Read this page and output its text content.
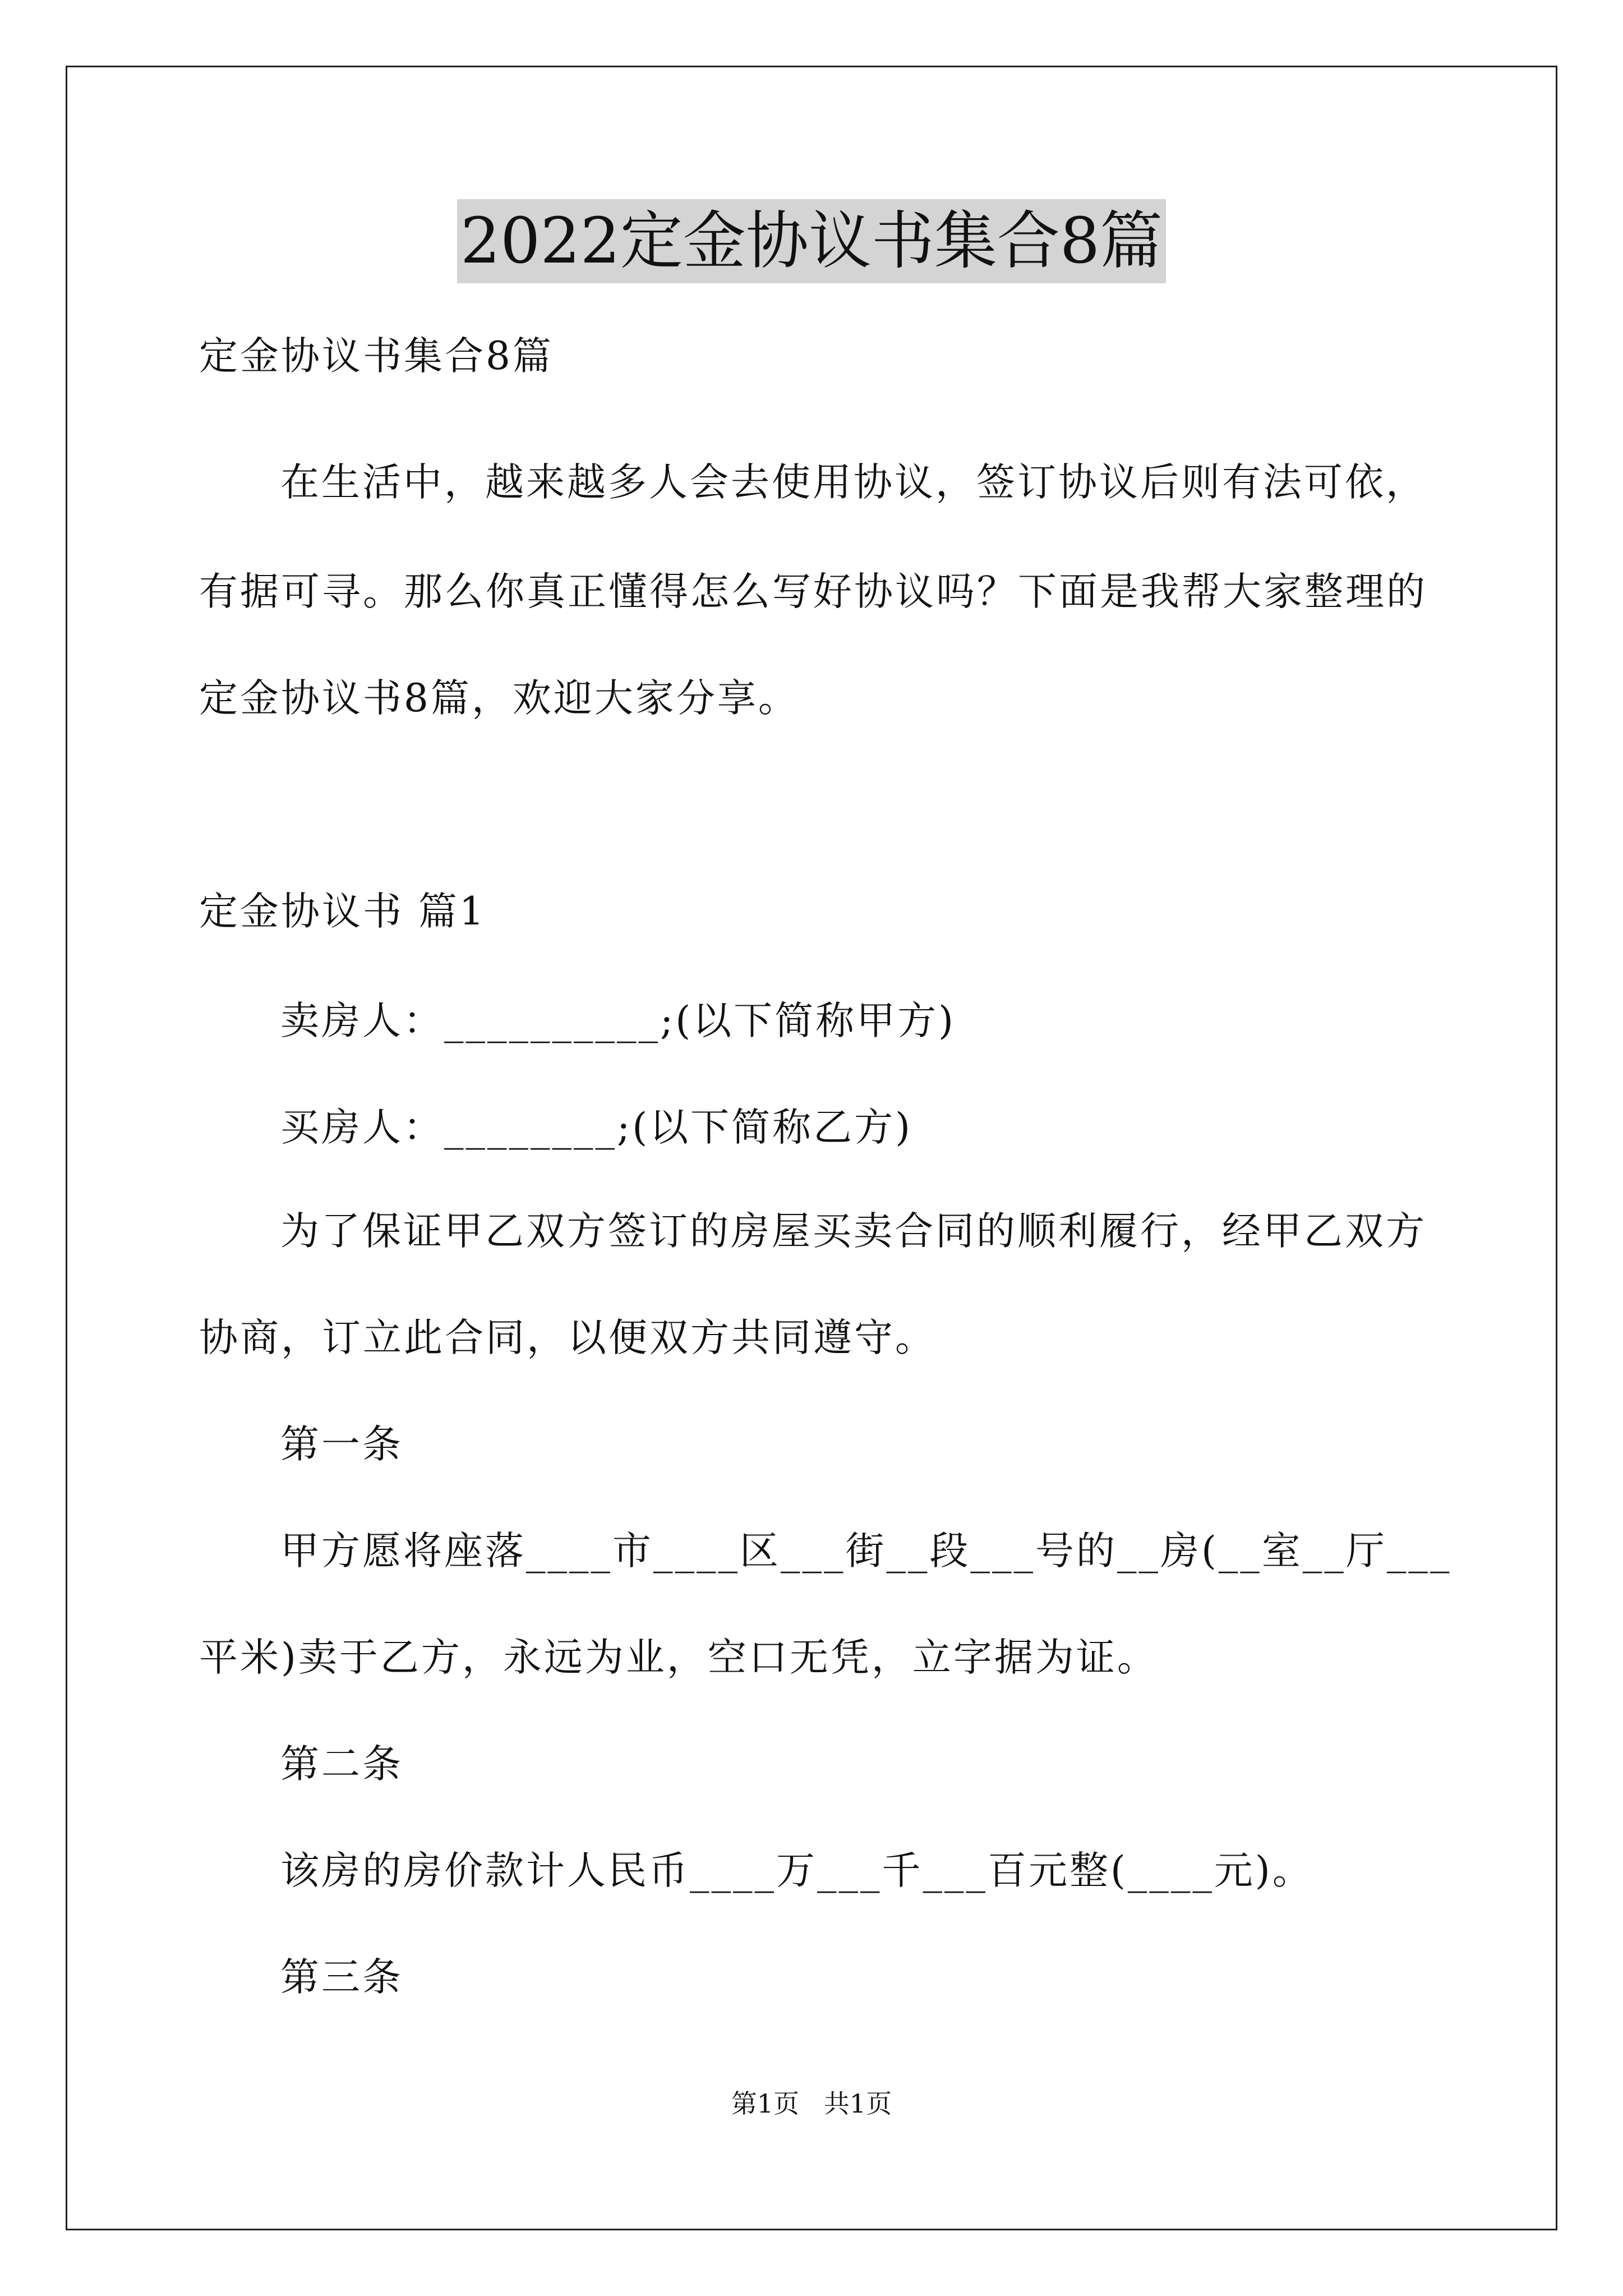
2022定金协议书集合8篇
定金协议书集合8篇
在生活中，越来越多人会去使用协议，签订协议后则有法可依，
有据可寻。那么你真正懂得怎么写好协议吗？下面是我帮大家整理的
定金协议书8篇，欢迎大家分享。
定金协议书 篇1
卖房人：__________;(以下简称甲方)
买房人：________;(以下简称乙方)
为了保证甲乙双方签订的房屋买卖合同的顺利履行，经甲乙双方
协商，订立此合同，以便双方共同遵守。
第一条
甲方愿将座落____市____区___街__段___号的__房(__室__厅___
平米)卖于乙方，永远为业，空口无凭，立字据为证。
第二条
该房的房价款计人民币____万___千___百元整(____元)。
第三条
第1页   共1页
